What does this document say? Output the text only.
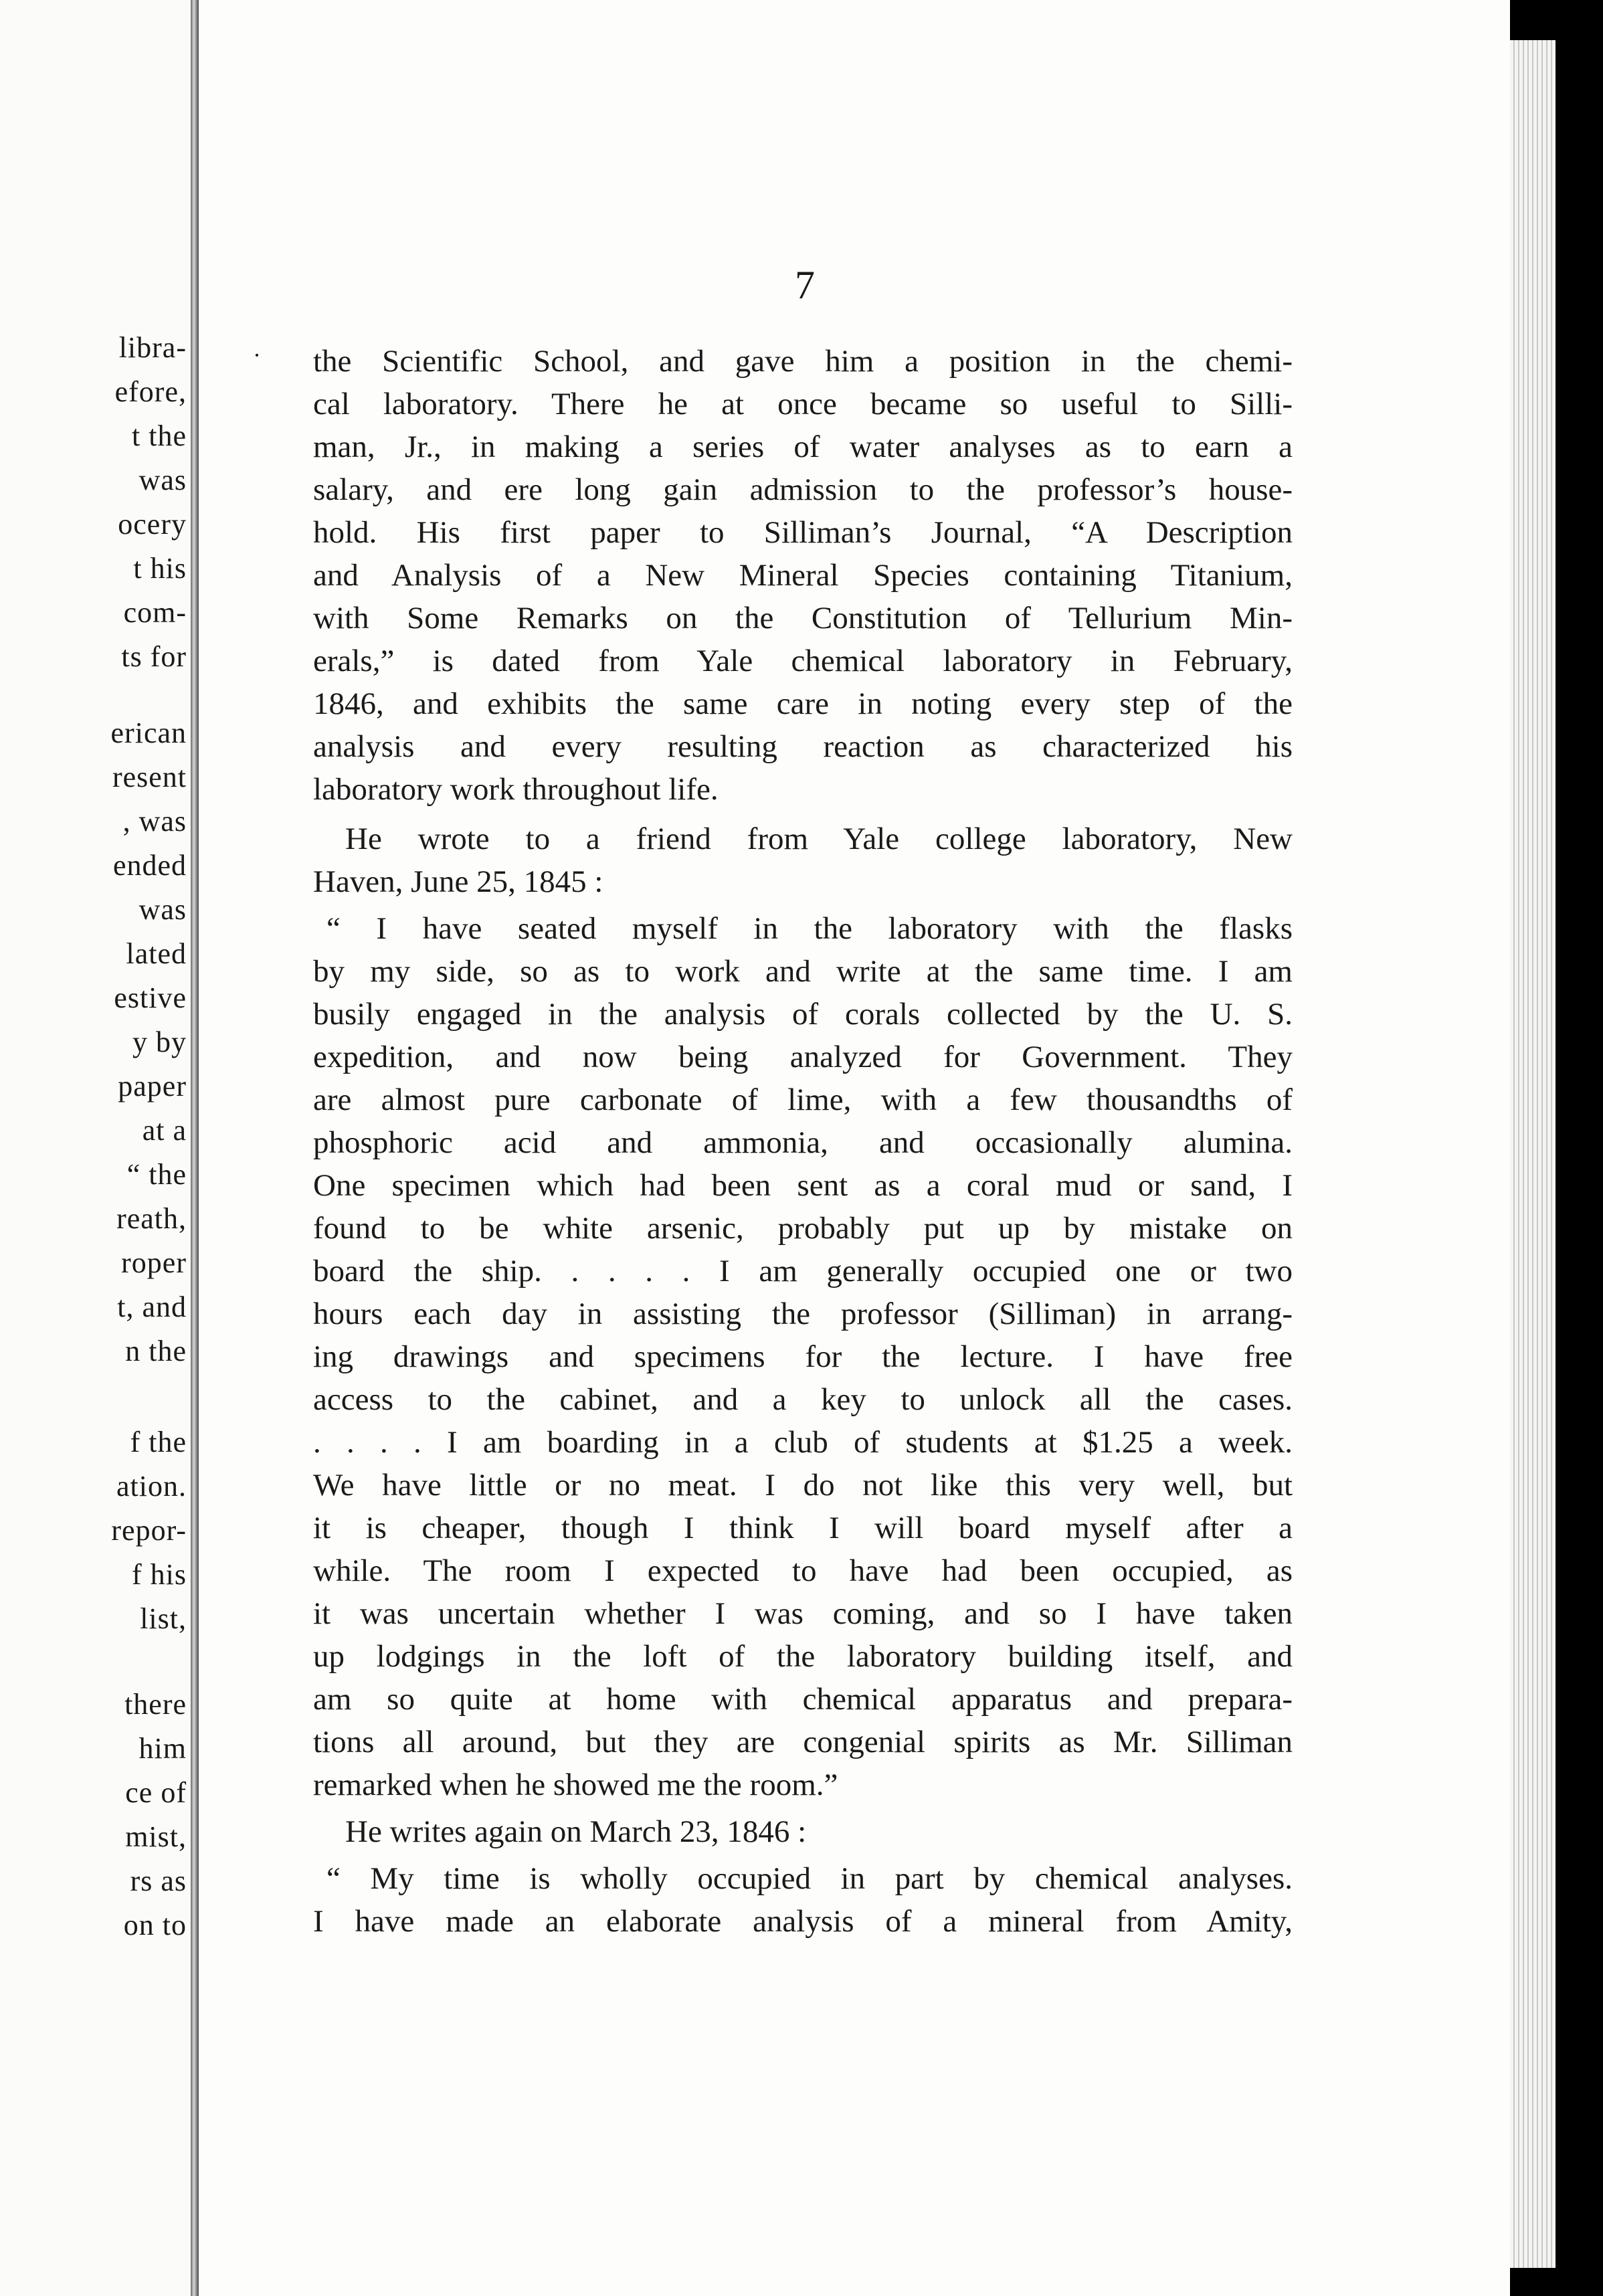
libra-
efore,
t the
was
ocery
t his
com-
ts for
erican
resent
, was
ended
was
lated
estive
y by
paper
at a
“ the
reath,
roper
t, and
n the
f the
ation.
repor-
f his
list,
there
him
ce of
mist,
rs as
on to
·
7
the Scientific School, and gave him a position in the chemi-
cal laboratory. There he at once became so useful to Silli-
man, Jr., in making a series of water analyses as to earn a
salary, and ere long gain admission to the professor’s house-
hold. His first paper to Silliman’s Journal, “A Description
and Analysis of a New Mineral Species containing Titanium,
with Some Remarks on the Constitution of Tellurium Min-
erals,” is dated from Yale chemical laboratory in February,
1846, and exhibits the same care in noting every step of the
analysis and every resulting reaction as characterized his
laboratory work throughout life.
He wrote to a friend from Yale college laboratory, New
Haven, June 25, 1845 :
“ I have seated myself in the laboratory with the flasks
by my side, so as to work and write at the same time. I am
busily engaged in the analysis of corals collected by the U. S.
expedition, and now being analyzed for Government. They
are almost pure carbonate of lime, with a few thousandths of
phosphoric acid and ammonia, and occasionally alumina.
One specimen which had been sent as a coral mud or sand, I
found to be white arsenic, probably put up by mistake on
board the ship. . . . . I am generally occupied one or two
hours each day in assisting the professor (Silliman) in arrang-
ing drawings and specimens for the lecture. I have free
access to the cabinet, and a key to unlock all the cases.
. . . . I am boarding in a club of students at $1.25 a week.
We have little or no meat. I do not like this very well, but
it is cheaper, though I think I will board myself after a
while. The room I expected to have had been occupied, as
it was uncertain whether I was coming, and so I have taken
up lodgings in the loft of the laboratory building itself, and
am so quite at home with chemical apparatus and prepara-
tions all around, but they are congenial spirits as Mr. Silliman
remarked when he showed me the room.”
He writes again on March 23, 1846 :
“ My time is wholly occupied in part by chemical analyses.
I have made an elaborate analysis of a mineral from Amity,
